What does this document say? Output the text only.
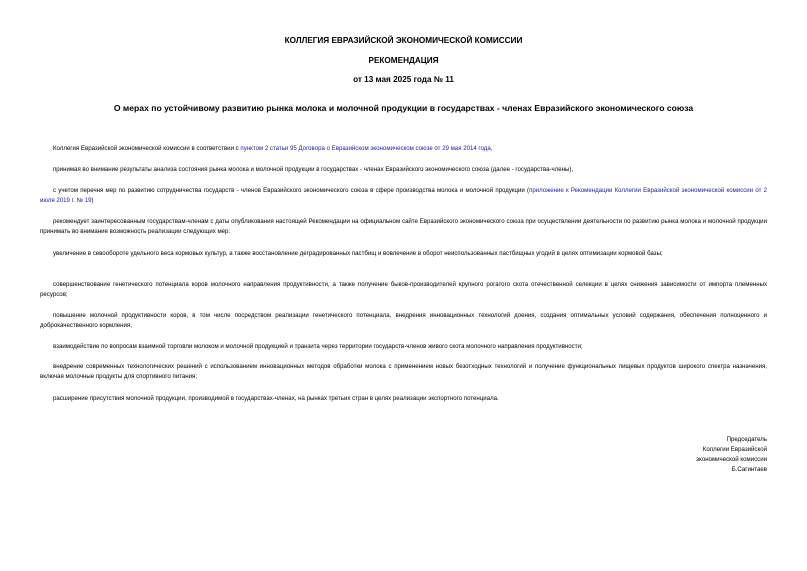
КОЛЛЕГИЯ ЕВРАЗИЙСКОЙ ЭКОНОМИЧЕСКОЙ КОМИССИИ
РЕКОМЕНДАЦИЯ
от 13 мая 2025 года № 11
О мерах по устойчивому развитию рынка молока и молочной продукции в государствах - членах Евразийского экономического союза
Коллегия Евразийской экономической комиссии в соответствии с пунктом 2 статьи 95 Договора о Евразийском экономическом союзе от 29 мая 2014 года,
принимая во внимание результаты анализа состояния рынка молока и молочной продукции в государствах - членах Евразийского экономического союза (далее - государства-члены),
с учетом перечня мер по развитию сотрудничества государств - членов Евразийского экономического союза в сфере производства молока и молочной продукции (приложение к Рекомендации Коллегии Евразийской экономической комиссии от 2 июля 2019 г. № 19)
рекомендует заинтересованным государствам-членам с даты опубликования настоящей Рекомендации на официальном сайте Евразийского экономического союза при осуществлении деятельности по развитию рынка молока и молочной продукции принимать во внимание возможность реализации следующих мер:
увеличение в севообороте удельного веса кормовых культур, а также восстановление деградированных пастбищ и вовлечение в оборот неиспользованных пастбищных угодий в целях оптимизации кормовой базы;
совершенствование генетического потенциала коров молочного направления продуктивности, а также получение быков-производителей крупного рогатого скота отечественной селекции в целях снижения зависимости от импорта племенных ресурсов;
повышение молочной продуктивности коров, в том числе посредством реализации генетического потенциала, внедрения инновационных технологий доения, создания оптимальных условий содержания, обеспечения полноценного и доброкачественного кормления;
взаимодействие по вопросам взаимной торговли молоком и молочной продукцией и транзита через территории государств-членов живого скота молочного направления продуктивности;
внедрение современных технологических решений с использованием инновационных методов обработки молока с применением новых безотходных технологий и получение функциональных пищевых продуктов широкого спектра назначения, включая молочные продукты для спортивного питания;
расширение присутствия молочной продукции, производимой в государствах-членах, на рынках третьих стран в целях реализации экспортного потенциала.
Председатель
Коллегии Евразийской
экономической комиссии
Б.Сагинтаев
